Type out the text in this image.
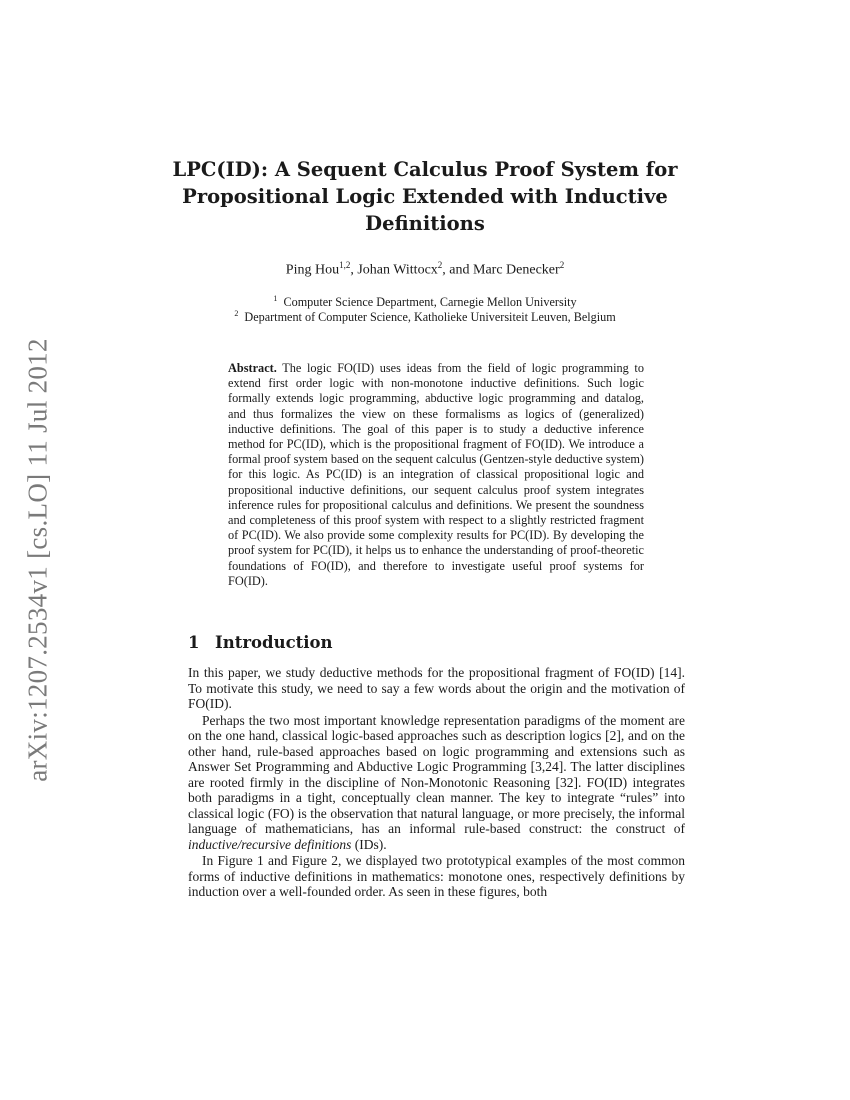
arXiv:1207.2534v1 [cs.LO] 11 Jul 2012
LPC(ID): A Sequent Calculus Proof System for Propositional Logic Extended with Inductive Definitions
Ping Hou$^{1,2}$, Johan Wittocx$^2$, and Marc Denecker$^2$
$^1$ Computer Science Department, Carnegie Mellon University
$^2$ Department of Computer Science, Katholieke Universiteit Leuven, Belgium
Abstract. The logic FO(ID) uses ideas from the field of logic programming to extend first order logic with non-monotone inductive definitions. Such logic formally extends logic programming, abductive logic programming and datalog, and thus formalizes the view on these formalisms as logics of (generalized) inductive definitions. The goal of this paper is to study a deductive inference method for PC(ID), which is the propositional fragment of FO(ID). We introduce a formal proof system based on the sequent calculus (Gentzen-style deductive system) for this logic. As PC(ID) is an integration of classical propositional logic and propositional inductive definitions, our sequent calculus proof system integrates inference rules for propositional calculus and definitions. We present the soundness and completeness of this proof system with respect to a slightly restricted fragment of PC(ID). We also provide some complexity results for PC(ID). By developing the proof system for PC(ID), it helps us to enhance the understanding of proof-theoretic foundations of FO(ID), and therefore to investigate useful proof systems for FO(ID).
1 Introduction

In this paper, we study deductive methods for the propositional fragment of FO(ID) [14]. To motivate this study, we need to say a few words about the origin and the motivation of FO(ID).

Perhaps the two most important knowledge representation paradigms of the moment are on the one hand, classical logic-based approaches such as description logics [2], and on the other hand, rule-based approaches based on logic programming and extensions such as Answer Set Programming and Abductive Logic Programming [3,24]. The latter disciplines are rooted firmly in the discipline of Non-Monotonic Reasoning [32]. FO(ID) integrates both paradigms in a tight, conceptually clean manner. The key to integrate “rules” into classical logic (FO) is the observation that natural language, or more precisely, the informal language of mathematicians, has an informal rule-based construct: the construct of inductive/recursive definitions (IDs).

In Figure 1 and Figure 2, we displayed two prototypical examples of the most common forms of inductive definitions in mathematics: monotone ones, respectively definitions by induction over a well-founded order. As seen in these figures, both
